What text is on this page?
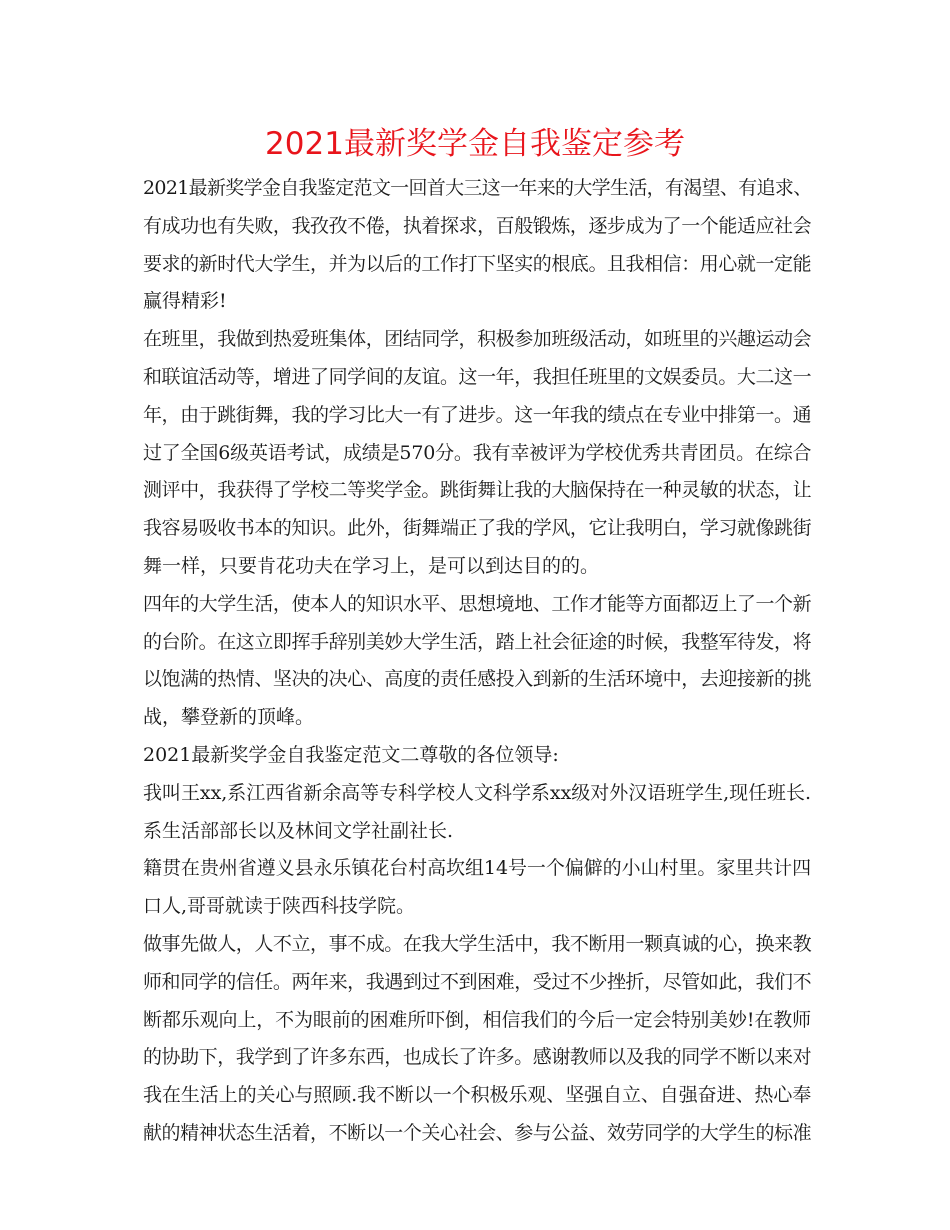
2021最新奖学金自我鉴定参考
2021最新奖学金自我鉴定范文一回首大三这一年来的大学生活，有渴望、有追求、
有成功也有失败，我孜孜不倦，执着探求，百般锻炼，逐步成为了一个能适应社会
要求的新时代大学生，并为以后的工作打下坚实的根底。且我相信：用心就一定能
赢得精彩!
在班里，我做到热爱班集体，团结同学，积极参加班级活动，如班里的兴趣运动会
和联谊活动等，增进了同学间的友谊。这一年，我担任班里的文娱委员。大二这一
年，由于跳街舞，我的学习比大一有了进步。这一年我的绩点在专业中排第一。通
过了全国6级英语考试，成绩是570分。我有幸被评为学校优秀共青团员。在综合
测评中，我获得了学校二等奖学金。跳街舞让我的大脑保持在一种灵敏的状态，让
我容易吸收书本的知识。此外，街舞端正了我的学风，它让我明白，学习就像跳街
舞一样，只要肯花功夫在学习上，是可以到达目的的。
四年的大学生活，使本人的知识水平、思想境地、工作才能等方面都迈上了一个新
的台阶。在这立即挥手辞别美妙大学生活，踏上社会征途的时候，我整军待发，将
以饱满的热情、坚决的决心、高度的责任感投入到新的生活环境中，去迎接新的挑
战，攀登新的顶峰。
2021最新奖学金自我鉴定范文二尊敬的各位领导:
我叫王xx,系江西省新余高等专科学校人文科学系xx级对外汉语班学生,现任班长.
系生活部部长以及林间文学社副社长.
籍贯在贵州省遵义县永乐镇花台村高坎组14号一个偏僻的小山村里。家里共计四
口人,哥哥就读于陕西科技学院。
做事先做人，人不立，事不成。在我大学生活中，我不断用一颗真诚的心，换来教
师和同学的信任。两年来，我遇到过不到困难，受过不少挫折，尽管如此，我们不
断都乐观向上，不为眼前的困难所吓倒，相信我们的今后一定会特别美妙!在教师
的协助下，我学到了许多东西，也成长了许多。感谢教师以及我的同学不断以来对
我在生活上的关心与照顾.我不断以一个积极乐观、坚强自立、自强奋进、热心奉
献的精神状态生活着，不断以一个关心社会、参与公益、效劳同学的大学生的标准
